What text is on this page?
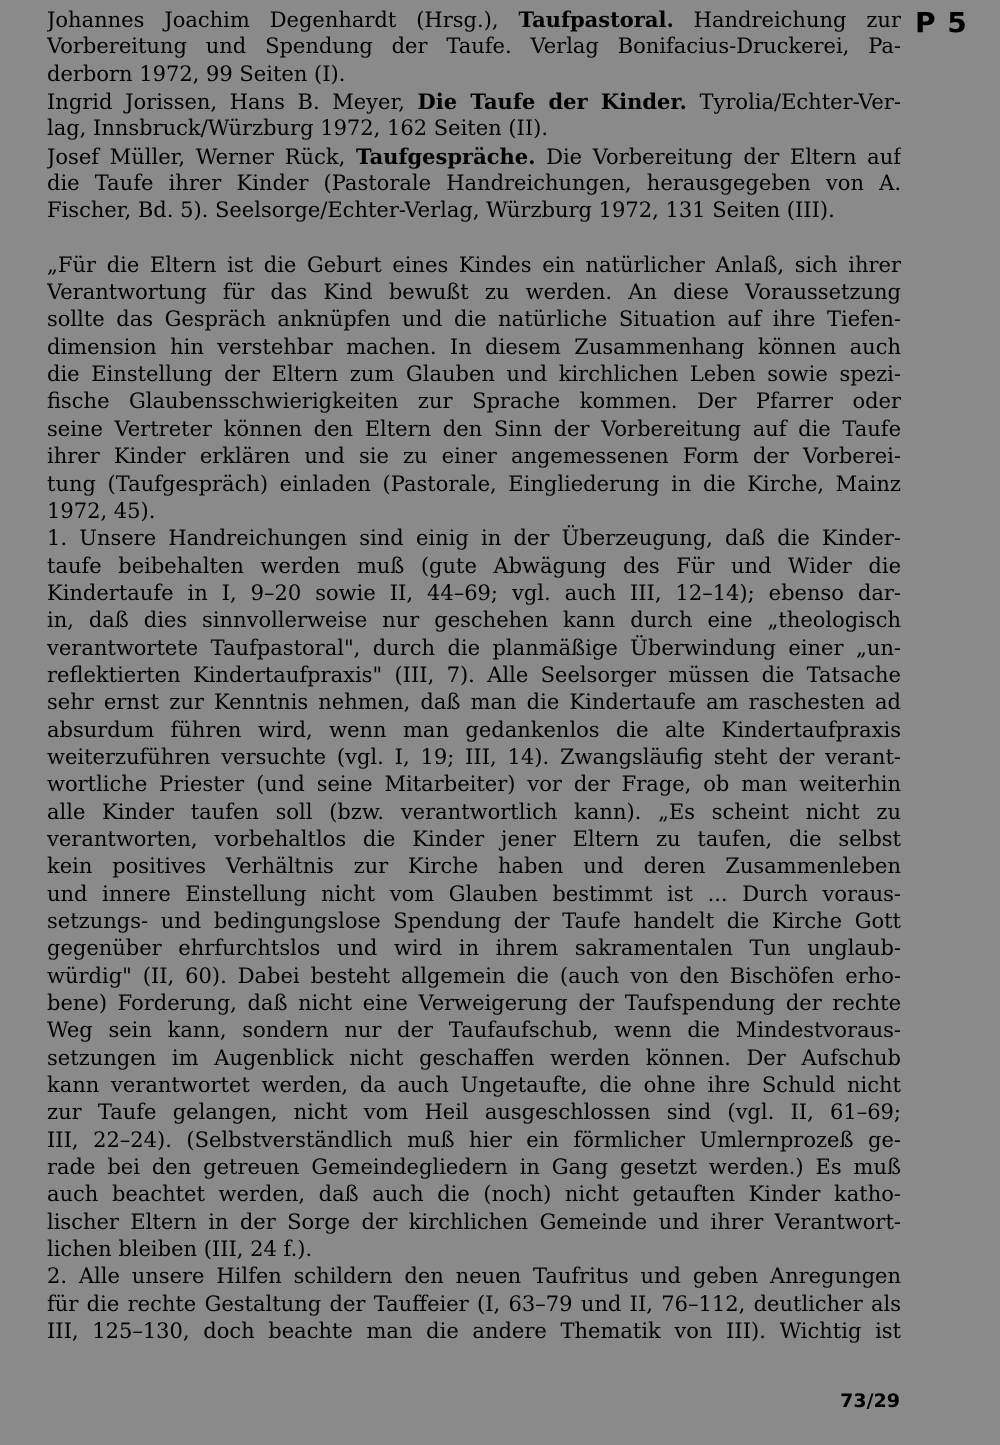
P 5
Johannes Joachim Degenhardt (Hrsg.), Taufpastoral. Handreichung zur
Vorbereitung und Spendung der Taufe. Verlag Bonifacius-Druckerei, Pa-
derborn 1972, 99 Seiten (I).
Ingrid Jorissen, Hans B. Meyer, Die Taufe der Kinder. Tyrolia/Echter-Ver-
lag, Innsbruck/Würzburg 1972, 162 Seiten (II).
Josef Müller, Werner Rück, Taufgespräche. Die Vorbereitung der Eltern auf
die Taufe ihrer Kinder (Pastorale Handreichungen, herausgegeben von A.
Fischer, Bd. 5). Seelsorge/Echter-Verlag, Würzburg 1972, 131 Seiten (III).
„Für die Eltern ist die Geburt eines Kindes ein natürlicher Anlaß, sich ihrer
Verantwortung für das Kind bewußt zu werden. An diese Voraussetzung
sollte das Gespräch anknüpfen und die natürliche Situation auf ihre Tiefen-
dimension hin verstehbar machen. In diesem Zusammenhang können auch
die Einstellung der Eltern zum Glauben und kirchlichen Leben sowie spezi-
fische Glaubensschwierigkeiten zur Sprache kommen. Der Pfarrer oder
seine Vertreter können den Eltern den Sinn der Vorbereitung auf die Taufe
ihrer Kinder erklären und sie zu einer angemessenen Form der Vorberei-
tung (Taufgespräch) einladen (Pastorale, Eingliederung in die Kirche, Mainz
1972, 45).
1. Unsere Handreichungen sind einig in der Überzeugung, daß die Kinder-
taufe beibehalten werden muß (gute Abwägung des Für und Wider die
Kindertaufe in I, 9–20 sowie II, 44–69; vgl. auch III, 12–14); ebenso dar-
in, daß dies sinnvollerweise nur geschehen kann durch eine „theologisch
verantwortete Taufpastoral", durch die planmäßige Überwindung einer „un-
reflektierten Kindertaufpraxis" (III, 7). Alle Seelsorger müssen die Tatsache
sehr ernst zur Kenntnis nehmen, daß man die Kindertaufe am raschesten ad
absurdum führen wird, wenn man gedankenlos die alte Kindertaufpraxis
weiterzuführen versuchte (vgl. I, 19; III, 14). Zwangsläufig steht der verant-
wortliche Priester (und seine Mitarbeiter) vor der Frage, ob man weiterhin
alle Kinder taufen soll (bzw. verantwortlich kann). „Es scheint nicht zu
verantworten, vorbehaltlos die Kinder jener Eltern zu taufen, die selbst
kein positives Verhältnis zur Kirche haben und deren Zusammenleben
und innere Einstellung nicht vom Glauben bestimmt ist ... Durch voraus-
setzungs- und bedingungslose Spendung der Taufe handelt die Kirche Gott
gegenüber ehrfurchtslos und wird in ihrem sakramentalen Tun unglaub-
würdig" (II, 60). Dabei besteht allgemein die (auch von den Bischöfen erho-
bene) Forderung, daß nicht eine Verweigerung der Taufspendung der rechte
Weg sein kann, sondern nur der Taufaufschub, wenn die Mindestvoraus-
setzungen im Augenblick nicht geschaffen werden können. Der Aufschub
kann verantwortet werden, da auch Ungetaufte, die ohne ihre Schuld nicht
zur Taufe gelangen, nicht vom Heil ausgeschlossen sind (vgl. II, 61–69;
III, 22–24). (Selbstverständlich muß hier ein förmlicher Umlernprozeß ge-
rade bei den getreuen Gemeindegliedern in Gang gesetzt werden.) Es muß
auch beachtet werden, daß auch die (noch) nicht getauften Kinder katho-
lischer Eltern in der Sorge der kirchlichen Gemeinde und ihrer Verantwort-
lichen bleiben (III, 24 f.).
2. Alle unsere Hilfen schildern den neuen Taufritus und geben Anregungen
für die rechte Gestaltung der Tauffeier (I, 63–79 und II, 76–112, deutlicher als
III, 125–130, doch beachte man die andere Thematik von III). Wichtig ist
73/29
